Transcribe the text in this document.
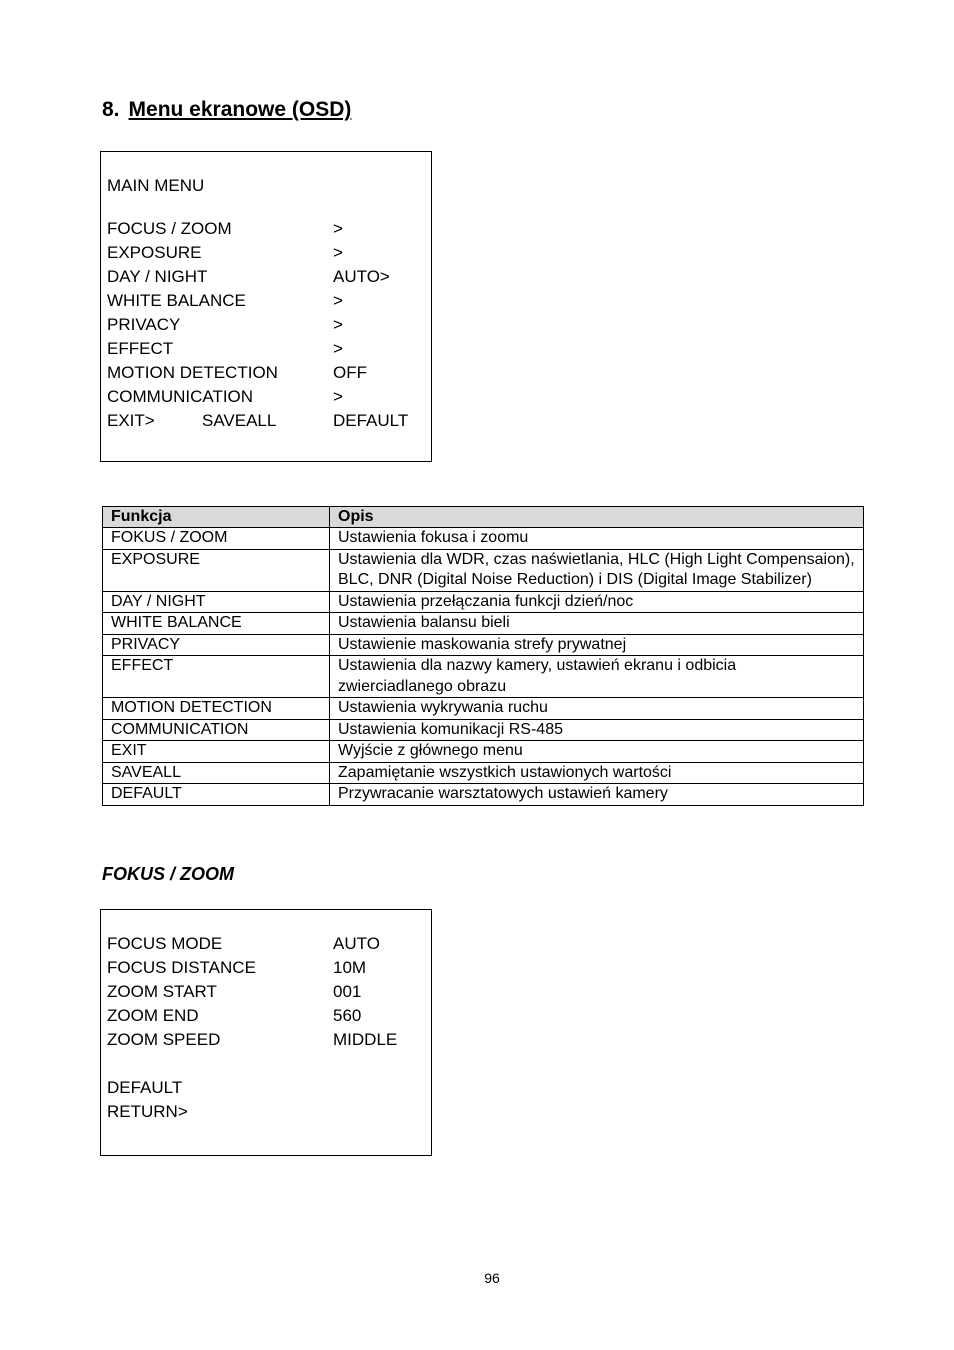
8. Menu ekranowe (OSD)
MAIN MENU
FOCUS / ZOOM	>
EXPOSURE	>
DAY / NIGHT	AUTO>
WHITE BALANCE	>
PRIVACY	>
EFFECT	>
MOTION DETECTION	OFF
COMMUNICATION	>
EXIT>	SAVEALL	DEFAULT
Funkcja	Opis
FOKUS / ZOOM	Ustawienia fokusa i zoomu
EXPOSURE	Ustawienia dla WDR, czas naświetlania, HLC (High Light Compensaion), BLC, DNR (Digital Noise Reduction) i DIS (Digital Image Stabilizer)
DAY / NIGHT	Ustawienia przełączania funkcji dzień/noc
WHITE BALANCE	Ustawienia balansu bieli
PRIVACY	Ustawienie maskowania strefy prywatnej
EFFECT	Ustawienia dla nazwy kamery, ustawień ekranu i odbicia zwierciadlanego obrazu
MOTION DETECTION	Ustawienia wykrywania ruchu
COMMUNICATION	Ustawienia komunikacji RS-485
EXIT	Wyjście z głównego menu
SAVEALL	Zapamiętanie wszystkich ustawionych wartości
DEFAULT	Przywracanie warsztatowych ustawień kamery
FOKUS / ZOOM
FOCUS MODE	AUTO
FOCUS DISTANCE	10M
ZOOM START	001
ZOOM END	560
ZOOM SPEED	MIDDLE
DEFAULT
RETURN>
96
